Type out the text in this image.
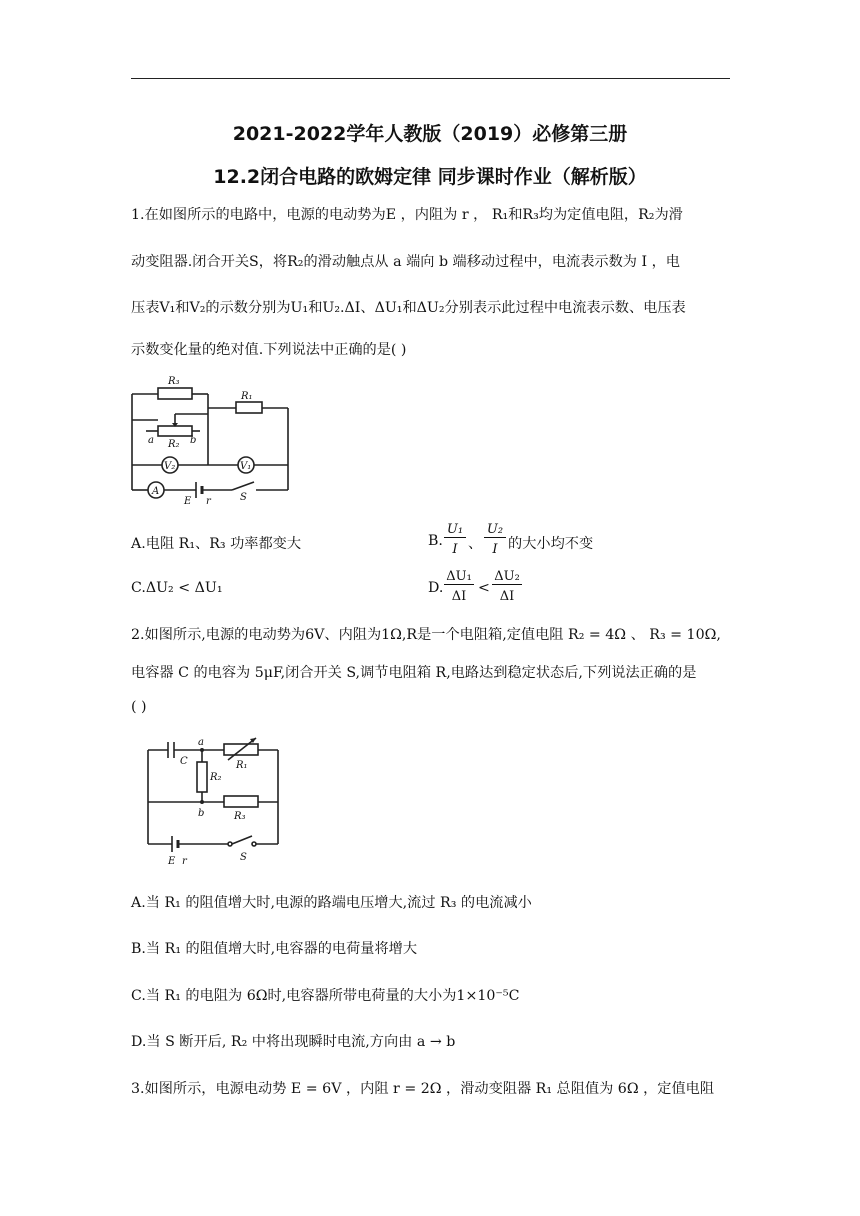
2021-2022学年人教版（2019）必修第三册
12.2闭合电路的欧姆定律 同步课时作业（解析版）
1.在如图所示的电路中，电源的电动势为E ，内阻为 r ， R₁和R₃均为定值电阻，R₂为滑
动变阻器.闭合开关S，将R₂的滑动触点从 a 端向 b 端移动过程中，电流表示数为 I ，电
压表V₁和V₂的示数分别为U₁和U₂.ΔI、ΔU₁和ΔU₂分别表示此过程中电流表示数、电压表
示数变化量的绝对值.下列说法中正确的是( )
R₃
R₁
a R₂ b
V₂	V₁
A
E r	S
A.电阻 R₁、R₃ 功率都变大	B.
U₁
I 、
U₂
I 的大小均不变
C.ΔU₂ < ΔU₁	D.
ΔU₁
ΔI
<
ΔU₂
ΔI
2.如图所示,电源的电动势为6V、内阻为1Ω,R是一个电阻箱,定值电阻 R₂ = 4Ω 、 R₃ = 10Ω,
电容器 C 的电容为 5μF,闭合开关 S,调节电阻箱 R,电路达到稳定状态后,下列说法正确的是
( )
C
a
R₁
R₂
b	R₃
E r	S
A.当 R₁ 的阻值增大时,电源的路端电压增大,流过 R₃ 的电流减小
B.当 R₁ 的阻值增大时,电容器的电荷量将增大
C.当 R₁ 的电阻为 6Ω时,电容器所带电荷量的大小为1×10⁻⁵C
D.当 S 断开后, R₂ 中将出现瞬时电流,方向由 a → b
3.如图所示，电源电动势 E = 6V ，内阻 r = 2Ω ，滑动变阻器 R₁ 总阻值为 6Ω ，定值电阻
